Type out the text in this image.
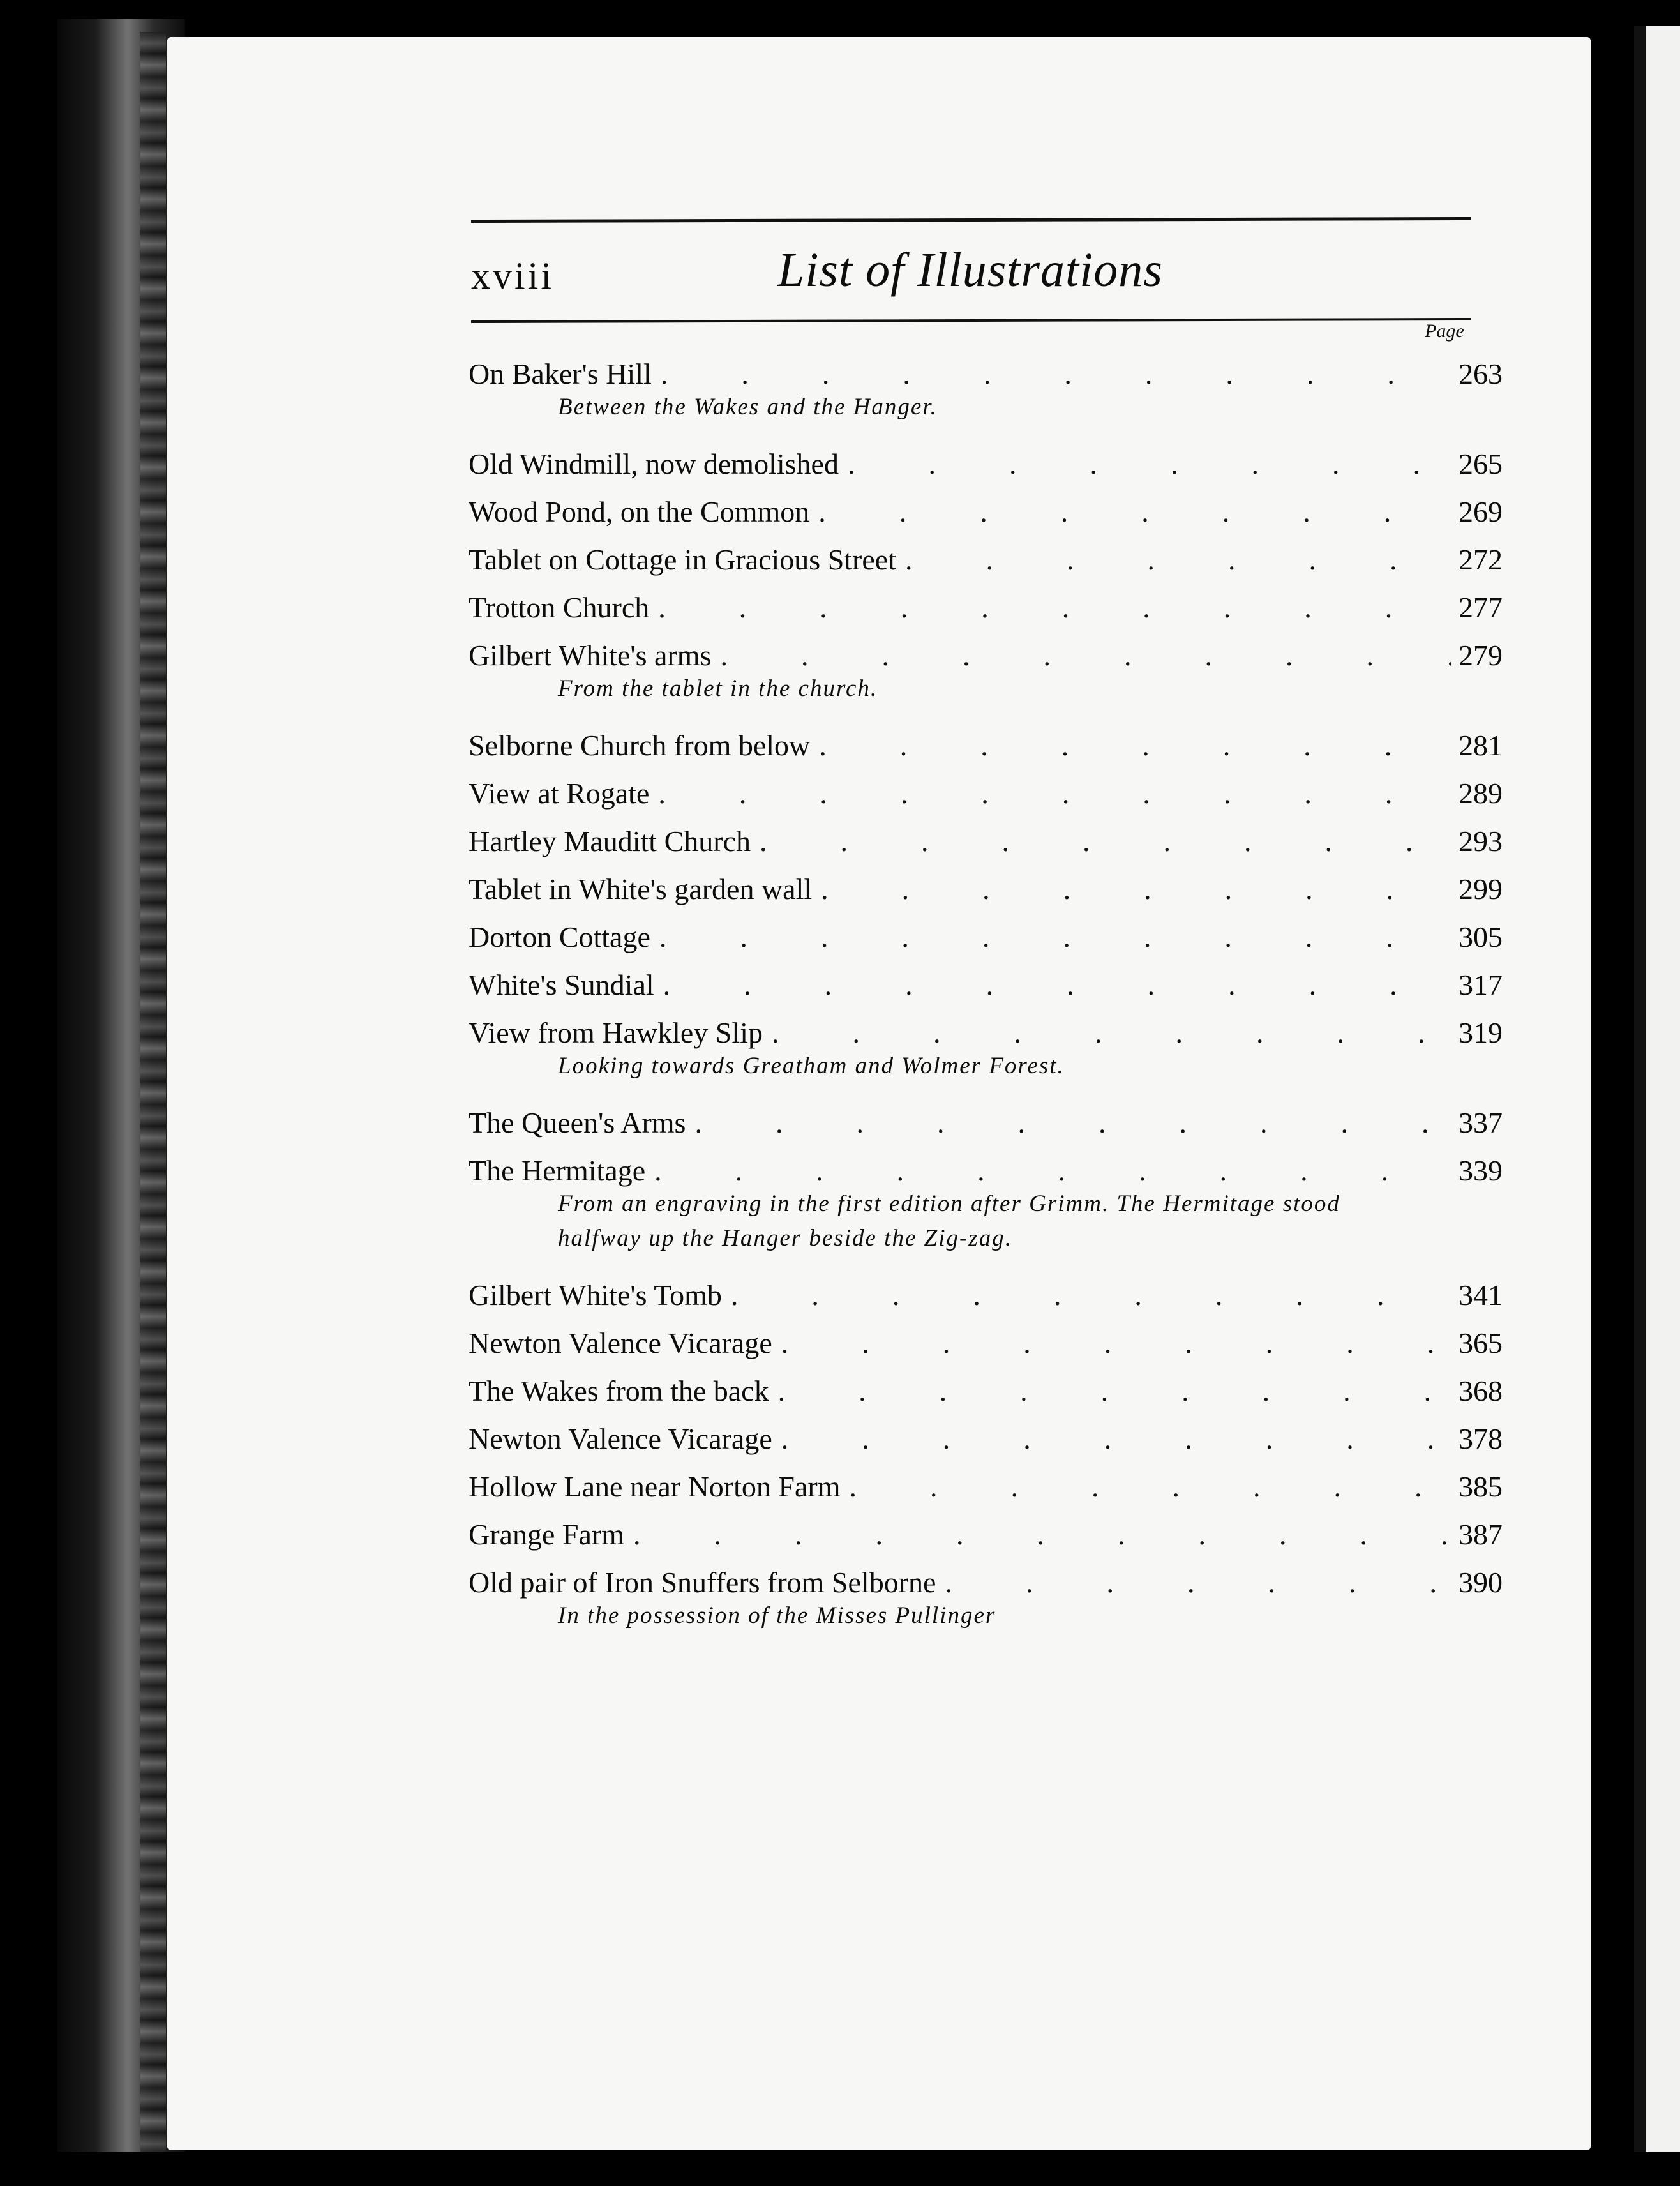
xviii	List of Illustrations
Page
On Baker's Hill .	263
Between the Wakes and the Hanger.
Old Windmill, now demolished .	265
Wood Pond, on the Common .	269
Tablet on Cottage in Gracious Street .	272
Trotton Church .	277
Gilbert White's arms .	279
From the tablet in the church.
Selborne Church from below .	281
View at Rogate .	289
Hartley Mauditt Church .	293
Tablet in White's garden wall .	299
Dorton Cottage .	305
White's Sundial .	317
View from Hawkley Slip .	319
Looking towards Greatham and Wolmer Forest.
The Queen's Arms .	337
The Hermitage .	339
From an engraving in the first edition after Grimm. The Hermitage stood halfway up the Hanger beside the Zig-zag.
Gilbert White's Tomb .	341
Newton Valence Vicarage .	365
The Wakes from the back .	368
Newton Valence Vicarage .	378
Hollow Lane near Norton Farm .	385
Grange Farm .	387
Old pair of Iron Snuffers from Selborne .	390
In the possession of the Misses Pullinger
